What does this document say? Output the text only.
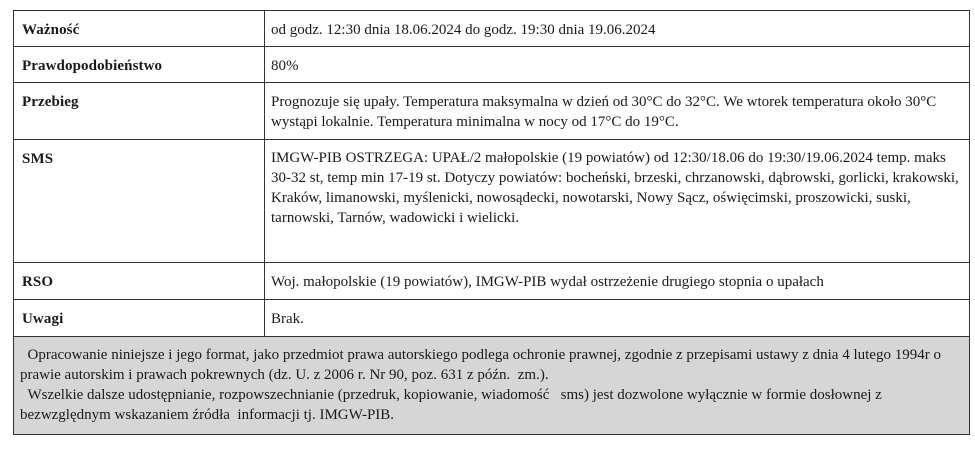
Ważność	od godz. 12:30 dnia 18.06.2024 do godz. 19:30 dnia 19.06.2024
Prawdopodobieństwo	80%
Przebieg	Prognozuje się upały. Temperatura maksymalna w dzień od 30°C do 32°C. We wtorek temperatura około 30°C wystąpi lokalnie. Temperatura minimalna w nocy od 17°C do 19°C.
SMS	IMGW-PIB OSTRZEGA: UPAŁ/2 małopolskie (19 powiatów) od 12:30/18.06 do 19:30/19.06.2024 temp. maks 30-32 st, temp min 17-19 st. Dotyczy powiatów: bocheński, brzeski, chrzanowski, dąbrowski, gorlicki, krakowski, Kraków, limanowski, myślenicki, nowosądecki, nowotarski, Nowy Sącz, oświęcimski, proszowicki, suski, tarnowski, Tarnów, wadowicki i wielicki.
RSO	Woj. małopolskie (19 powiatów), IMGW-PIB wydał ostrzeżenie drugiego stopnia o upałach
Uwagi	Brak.

Opracowanie niniejsze i jego format, jako przedmiot prawa autorskiego podlega ochronie prawnej, zgodnie z przepisami ustawy z dnia 4 lutego 1994r o prawie autorskim i prawach pokrewnych (dz. U. z 2006 r. Nr 90, poz. 631 z późn.  zm.).
Wszelkie dalsze udostępnianie, rozpowszechnianie (przedruk, kopiowanie, wiadomość   sms) jest dozwolone wyłącznie w formie dosłownej z bezwzględnym wskazaniem źródła  informacji tj. IMGW-PIB.	
